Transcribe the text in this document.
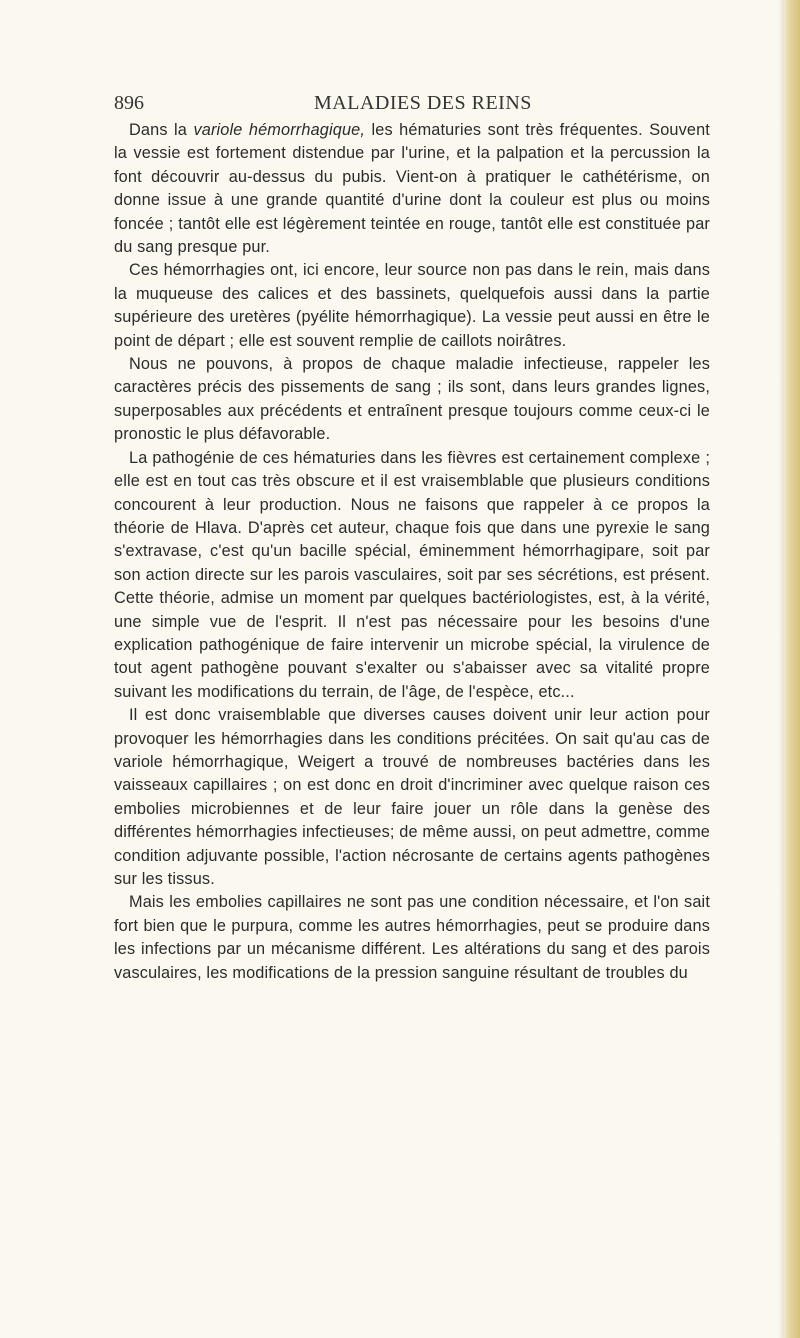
896	MALADIES DES REINS

Dans la variole hémorrhagique, les hématuries sont très fréquentes. Souvent la vessie est fortement distendue par l'urine, et la palpation et la percussion la font découvrir au-dessus du pubis. Vient-on à pratiquer le cathétérisme, on donne issue à une grande quantité d'urine dont la couleur est plus ou moins foncée ; tantôt elle est légèrement teintée en rouge, tantôt elle est constituée par du sang presque pur.

Ces hémorrhagies ont, ici encore, leur source non pas dans le rein, mais dans la muqueuse des calices et des bassinets, quelquefois aussi dans la partie supérieure des uretères (pyélite hémorrhagique). La vessie peut aussi en être le point de départ ; elle est souvent remplie de caillots noirâtres.

Nous ne pouvons, à propos de chaque maladie infectieuse, rappeler les caractères précis des pissements de sang ; ils sont, dans leurs grandes lignes, superposables aux précédents et entraînent presque toujours comme ceux-ci le pronostic le plus défavorable.

La pathogénie de ces hématuries dans les fièvres est certainement complexe ; elle est en tout cas très obscure et il est vraisemblable que plusieurs conditions concourent à leur production. Nous ne faisons que rappeler à ce propos la théorie de Hlava. D'après cet auteur, chaque fois que dans une pyrexie le sang s'extravase, c'est qu'un bacille spécial, éminemment hémorrhagipare, soit par son action directe sur les parois vasculaires, soit par ses sécrétions, est présent. Cette théorie, admise un moment par quelques bactériologistes, est, à la vérité, une simple vue de l'esprit. Il n'est pas nécessaire pour les besoins d'une explication pathogénique de faire intervenir un microbe spécial, la virulence de tout agent pathogène pouvant s'exalter ou s'abaisser avec sa vitalité propre suivant les modifications du terrain, de l'âge, de l'espèce, etc...

Il est donc vraisemblable que diverses causes doivent unir leur action pour provoquer les hémorrhagies dans les conditions précitées. On sait qu'au cas de variole hémorrhagique, Weigert a trouvé de nombreuses bactéries dans les vaisseaux capillaires ; on est donc en droit d'incriminer avec quelque raison ces embolies microbiennes et de leur faire jouer un rôle dans la genèse des différentes hémorrhagies infectieuses; de même aussi, on peut admettre, comme condition adjuvante possible, l'action nécrosante de certains agents pathogènes sur les tissus.

Mais les embolies capillaires ne sont pas une condition nécessaire, et l'on sait fort bien que le purpura, comme les autres hémorrhagies, peut se produire dans les infections par un mécanisme différent. Les altérations du sang et des parois vasculaires, les modifications de la pression sanguine résultant de troubles du
